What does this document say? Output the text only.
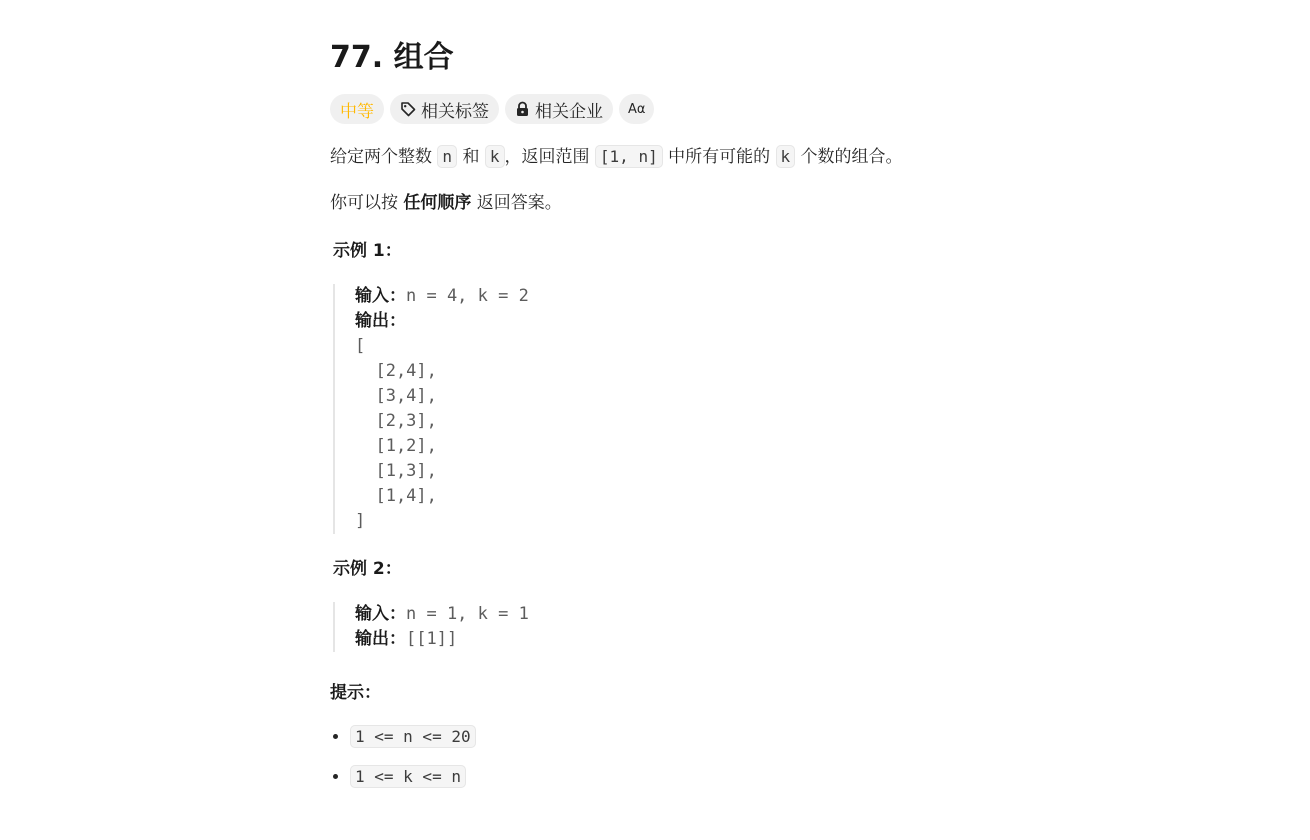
77. 组合
中等	相关标签	相关企业 Aα

给定两个整数 n 和 k ，返回范围 [1, n] 中所有可能的 k 个数的组合。

你可以按 任何顺序 返回答案。

示例 1：
输入：n = 4, k = 2
输出：
[
[2,4],
[3,4],
[2,3],
[1,2],
[1,3],
[1,4],
]
示例 2：
输入：n = 1, k = 1
输出：[[1]]
提示：
• 1 <= n <= 20
• 1 <= k <= n
